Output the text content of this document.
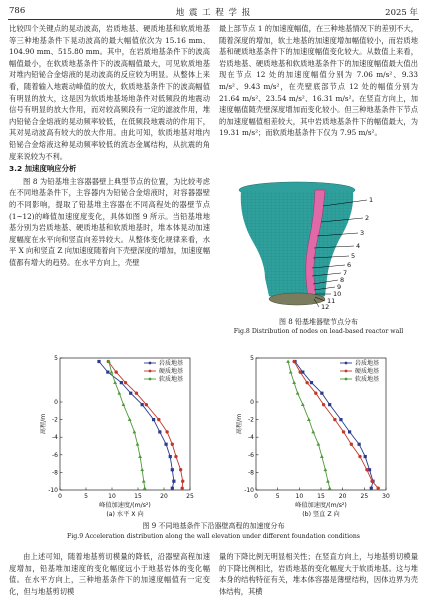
786	地 震 工 程 学 报	2025 年

比较四个关键点的晃动波高，岩质地基、硬质地基和软质地基等三种地基条件下晃动波高的最大幅值依次为 15.16 mm、104.90 mm、515.80 mm。其中，在岩质地基条件下的波高幅值最小，在软质地基条件下的波高幅值最大，可见软质地基对堆内铅铋合金熔液的晃动波高的反应较为明显。从整体上来看，随着输入地震动峰值的放大，软质地基条件下的波高幅值有明显的放大，这是因为软质地基场地条件对低频段的地震动信号有明显的放大作用，而对较高频段有一定的滤波作用，堆内铅铋合金熔液的晃动频率较低，在低频段地震动的作用下，其对晃动波高有较大的放大作用。由此可知，软质地基对堆内铅铋合金熔液这种晃动频率较低的流态金属结构，从抗震的角度来说较为不利。

3.2 加速度响应分析

图 8 为铅基堆主容器器壁上典型节点的位置，为比较考虑在不同地基条件下，主容器内为铅铋合金熔液时，对容器器壁的不同影响，提取了铅基堆主容器在不同高程处的器壁节点(1~12)的峰值加速度度变化，具体如图 9 所示。当铅基堆地基分别为岩质地基、硬质地基和软质地基时，堆本体晃动加速度幅度在水平向和竖直向差异较大。从整体变化规律来看，水平 X 向和竖直 Z 向加速度随着向下壳壁深度的增加，加速度幅值都有增大的趋势。在水平方向上，壳壁

最上部节点 1 的加速度幅值，在三种地基情况下的差别不大，随着深度的增加，软土地基的加速度增加幅值较小，而岩质地基和硬质地基条件下的加速度幅值变化较大。从数值上来看，岩质地基、硬质地基和软质地基条件下的加速度幅值最大值出现在节点 12 处的加速度幅值分别为 7.06 m/s²、9.33 m/s²、9.43 m/s²，在壳壁底部节点 12 处的幅值分别为 21.64 m/s²、23.54 m/s²、16.31 m/s²。在竖直方向上，加速度幅值随壳壁深度增加而变化较小。但三种地基条件下节点的加速度幅值相差较大，其中岩质地基条件下的幅值最大，为 19.31 m/s²；而软质地基条件下仅为 7.95 m/s²。

1
2
3
4
5
6
7
8
9
10
11
12
图 8 铅基堆器壁节点分布
Fig.8 Distribution of nodes on lead-based reactor wall
0	5	10	15	20	25
5
0
-2
-4
-6
-8
-10
高程/m
峰值加速度/(m/s²)
(a) 水平 X 向
岩质地基
硬质地基
软质地基
0	5	10 15 20 25 30
5
0
-2
-4
-6
-8
-10
高程/m
峰值加速度/(m/s²)
(b) 竖直 Z 向
岩质地基
硬质地基
软质地基
图 9 不同地基条件下沿器壁高程的加速度分布
Fig.9 Acceleration distribution along the wall elevation under different foundation conditions

由上述可知，随着地基剪切模量的降低，沿器壁高程加速度增加，铅基堆加速度的变化幅度远小于地基岩体的变化幅值。在水平方向上，三种地基条件下的加速度幅值有一定变化，但与地基剪切模

量的下降比例无明显相关性；在竖直方向上，与地基剪切模量的下降比例相比，岩质地基的变化幅度大于软质地基。这与堆本身的结构特征有关，堆本体容器是薄壁结构，因体边界为壳体结构，其横
